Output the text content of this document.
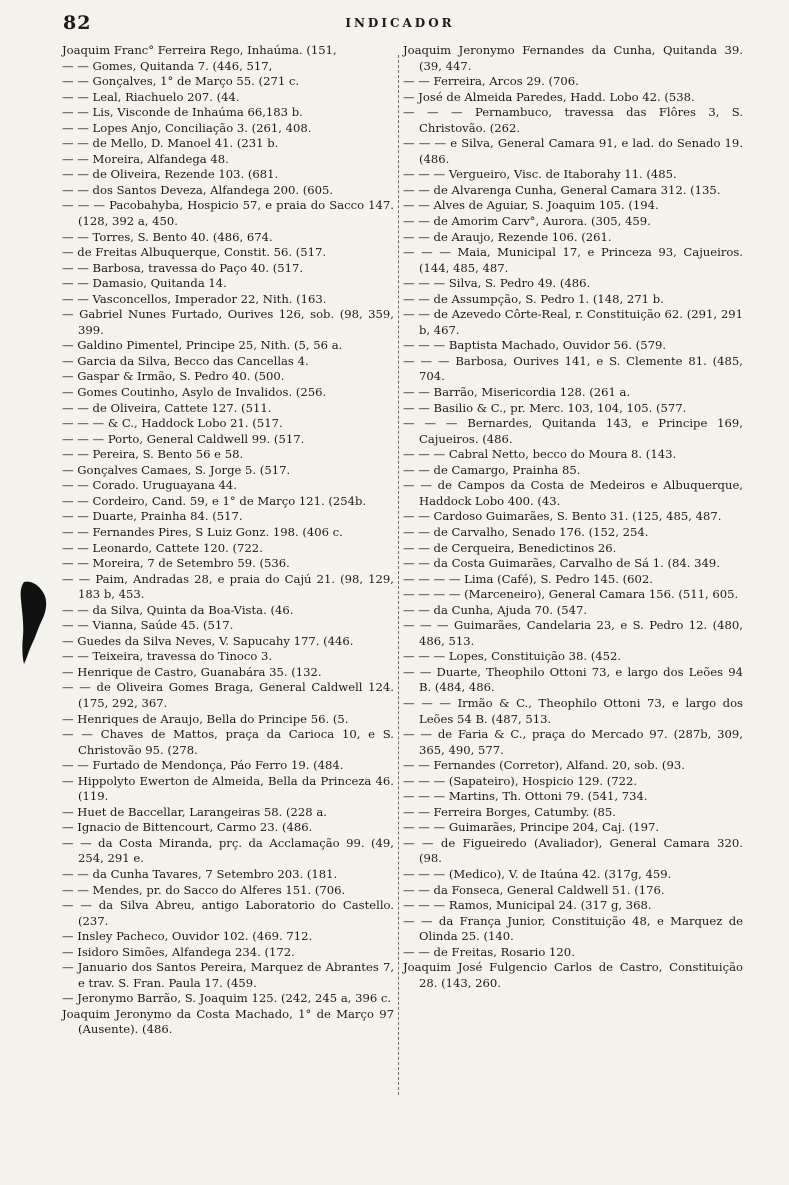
82	INDICADOR

Joaquim Franc° Ferreira Rego, Inhaúma. (151,

— — Gomes, Quitanda 7. (446, 517,

— — Gonçalves, 1° de Março 55. (271 c.

— — Leal, Riachuelo 207. (44.

— — Lis, Visconde de Inhaúma 66,183 b.

— — Lopes Anjo, Conciliação 3. (261, 408.

— — de Mello, D. Manoel 41. (231 b.

— — Moreira, Alfandega 48.

— — de Oliveira, Rezende 103. (681.

— — dos Santos Deveza, Alfandega 200. (605.

— — — Pacobahyba, Hospicio 57, e praia do Sacco 147. (128, 392 a, 450.

— — Torres, S. Bento 40. (486, 674.

— de Freitas Albuquerque, Constit. 56. (517.

— — Barbosa, travessa do Paço 40. (517.

— — Damasio, Quitanda 14.

— — Vasconcellos, Imperador 22, Nith. (163.

— Gabriel Nunes Furtado, Ourives 126, sob. (98, 359, 399.

— Galdino Pimentel, Principe 25, Nith. (5, 56 a.

— Garcia da Silva, Becco das Cancellas 4.

— Gaspar & Irmão, S. Pedro 40. (500.

— Gomes Coutinho, Asylo de Invalidos. (256.

— — de Oliveira, Cattete 127. (511.

— — — & C., Haddock Lobo 21. (517.

— — — Porto, General Caldwell 99. (517.

— — Pereira, S. Bento 56 e 58.

— Gonçalves Camaes, S. Jorge 5. (517.

— — Corado. Uruguayana 44.

— — Cordeiro, Cand. 59, e 1° de Março 121. (254b.

— — Duarte, Prainha 84. (517.

— — Fernandes Pires, S Luiz Gonz. 198. (406 c.

— — Leonardo, Cattete 120. (722.

— — Moreira, 7 de Setembro 59. (536.

— — Paim, Andradas 28, e praia do Cajú 21. (98, 129, 183 b, 453.

— — da Silva, Quinta da Boa-Vista. (46.

— — Vianna, Saúde 45. (517.

— Guedes da Silva Neves, V. Sapucahy 177. (446.

— — Teixeira, travessa do Tinoco 3.

— Henrique de Castro, Guanabára 35. (132.

— — de Oliveira Gomes Braga, General Caldwell 124. (175, 292, 367.

— Henriques de Araujo, Bella do Principe 56. (5.

— — Chaves de Mattos, praça da Carioca 10, e S. Christovão 95. (278.

— — Furtado de Mendonça, Páo Ferro 19. (484.

— Hippolyto Ewerton de Almeida, Bella da Princeza 46. (119.

— Huet de Baccellar, Larangeiras 58. (228 a.

— Ignacio de Bittencourt, Carmo 23. (486.

— — da Costa Miranda, prç. da Acclamação 99. (49, 254, 291 e.

— — da Cunha Tavares, 7 Setembro 203. (181.

— — Mendes, pr. do Sacco do Alferes 151. (706.

— — da Silva Abreu, antigo Laboratorio do Castello. (237.

— Insley Pacheco, Ouvidor 102. (469. 712.

— Isidoro Simões, Alfandega 234. (172.

— Januario dos Santos Pereira, Marquez de Abrantes 7, e trav. S. Fran. Paula 17. (459.

— Jeronymo Barrão, S. Joaquim 125. (242, 245 a, 396 c.

Joaquim Jeronymo da Costa Machado, 1° de Março 97 (Ausente). (486.

Joaquim Jeronymo Fernandes da Cunha, Quitanda 39. (39, 447.

— — Ferreira, Arcos 29. (706.

— José de Almeida Paredes, Hadd. Lobo 42. (538.

— — — Pernambuco, travessa das Flôres 3, S. Christovão. (262.

— — — e Silva, General Camara 91, e lad. do Senado 19. (486.

— — — Vergueiro, Visc. de Itaborahy 11. (485.

— — de Alvarenga Cunha, General Camara 312. (135.

— — Alves de Aguiar, S. Joaquim 105. (194.

— — de Amorim Carv°, Aurora. (305, 459.

— — de Araujo, Rezende 106. (261.

— — — Maia, Municipal 17, e Princeza 93, Cajueiros. (144, 485, 487.

— — — Silva, S. Pedro 49. (486.

— — de Assumpção, S. Pedro 1. (148, 271 b.

— — de Azevedo Côrte-Real, r. Constituição 62. (291, 291 b, 467.

— — — Baptista Machado, Ouvidor 56. (579.

— — — Barbosa, Ourives 141, e S. Clemente 81. (485, 704.

— — Barrão, Misericordia 128. (261 a.

— — Basilio & C., pr. Merc. 103, 104, 105. (577.

— — — Bernardes, Quitanda 143, e Principe 169, Cajueiros. (486.

— — — Cabral Netto, becco do Moura 8. (143.

— — de Camargo, Prainha 85.

— — de Campos da Costa de Medeiros e Albuquerque, Haddock Lobo 400. (43.

— — Cardoso Guimarães, S. Bento 31. (125, 485, 487.

— — de Carvalho, Senado 176. (152, 254.

— — de Cerqueira, Benedictinos 26.

— — da Costa Guimarães, Carvalho de Sá 1. (84. 349.

— — — — Lima (Café), S. Pedro 145. (602.

— — — — (Marceneiro), General Camara 156. (511, 605.

— — da Cunha, Ajuda 70. (547.

— — — Guimarães, Candelaria 23, e S. Pedro 12. (480, 486, 513.

— — — Lopes, Constituição 38. (452.

— — Duarte, Theophilo Ottoni 73, e largo dos Leões 94 B. (484, 486.

— — — Irmão & C., Theophilo Ottoni 73, e largo dos Leões 54 B. (487, 513.

— — de Faria & C., praça do Mercado 97. (287b, 309, 365, 490, 577.

— — Fernandes (Corretor), Alfand. 20, sob. (93.

— — — (Sapateiro), Hospicio 129. (722.

— — — Martins, Th. Ottoni 79. (541, 734.

— — Ferreira Borges, Catumby. (85.

— — — Guimarães, Principe 204, Caj. (197.

— — de Figueiredo (Avaliador), General Camara 320. (98.

— — — (Medico), V. de Itaúna 42. (317g, 459.

— — da Fonseca, General Caldwell 51. (176.

— — — Ramos, Municipal 24. (317 g, 368.

— — da França Junior, Constituição 48, e Marquez de Olinda 25. (140.

— — de Freitas, Rosario 120.

Joaquim José Fulgencio Carlos de Castro, Constituição 28. (143, 260.
